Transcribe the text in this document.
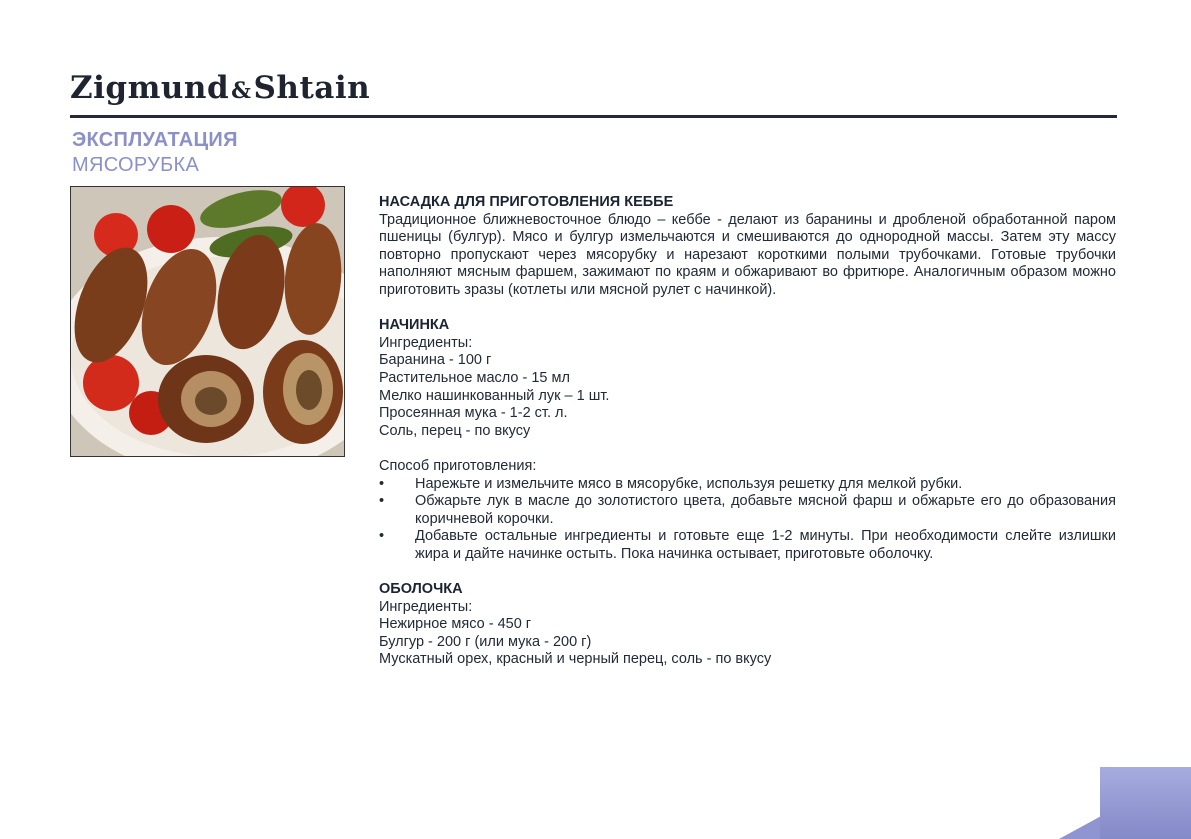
Zigmund&Shtain
ЭКСПЛУАТАЦИЯ
МЯСОРУБКА
НАСАДКА ДЛЯ ПРИГОТОВЛЕНИЯ КЕББЕ

Традиционное ближневосточное блюдо – кеббе - делают из баранины и дробленой обработанной паром пшеницы (булгур). Мясо и булгур измельчаются и смешиваются до однородной массы. Затем эту массу повторно пропускают через мясорубку и нарезают короткими полыми трубочками. Готовые трубочки наполняют мясным фаршем, зажимают по краям и обжаривают во фритюре. Аналогичным образом можно приготовить зразы (котлеты или мясной рулет с начинкой).

НАЧИНКА
Ингредиенты:
Баранина - 100 г
Растительное масло - 15 мл
Мелко нашинкованный лук – 1 шт.
Просеянная мука - 1-2 ст. л.
Соль, перец - по вкусу
Способ приготовления:
• Нарежьте и измельчите мясо в мясорубке, используя решетку для мелкой рубки.
• Обжарьте лук в масле до золотистого цвета, добавьте мясной фарш и обжарьте его до образования коричневой корочки.
• Добавьте остальные ингредиенты и готовьте еще 1-2 минуты. При необходимости слейте излишки жира и дайте начинке остыть. Пока начинка остывает, приготовьте оболочку.
ОБОЛОЧКА
Ингредиенты:
Нежирное мясо - 450 г
Булгур - 200 г (или мука - 200 г)
Мускатный орех, красный и черный перец, соль - по вкусу
